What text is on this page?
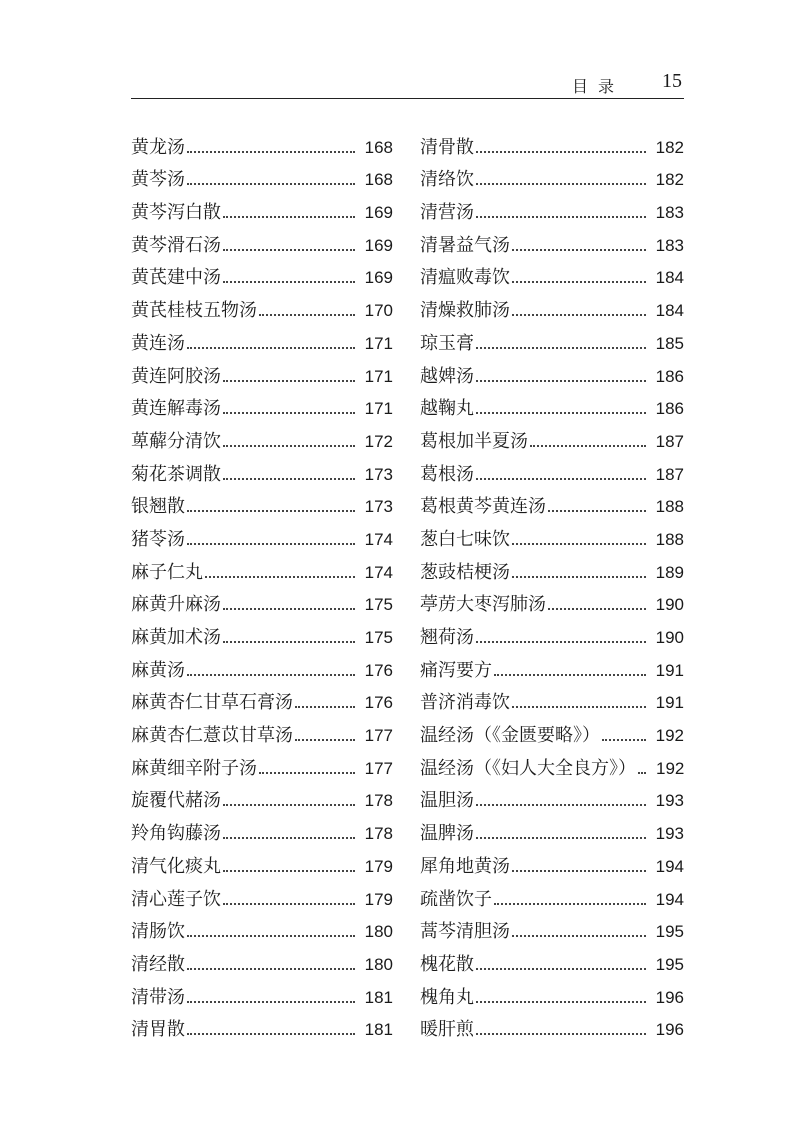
目录 15
黄龙汤	168
黄芩汤	168
黄芩泻白散	169
黄芩滑石汤	169
黄芪建中汤	169
黄芪桂枝五物汤	170
黄连汤	171
黄连阿胶汤	171
黄连解毒汤	171
萆薢分清饮	172
菊花茶调散	173
银翘散	173
猪苓汤	174
麻子仁丸	174
麻黄升麻汤	175
麻黄加术汤	175
麻黄汤	176
麻黄杏仁甘草石膏汤	176
麻黄杏仁薏苡甘草汤	177
麻黄细辛附子汤	177
旋覆代赭汤	178
羚角钩藤汤	178
清气化痰丸	179
清心莲子饮	179
清肠饮	180
清经散	180
清带汤	181
清胃散	181
清骨散	182
清络饮	182
清营汤	183
清暑益气汤	183
清瘟败毒饮	184
清燥救肺汤	184
琼玉膏	185
越婢汤	186
越鞠丸	186
葛根加半夏汤	187
葛根汤	187
葛根黄芩黄连汤	188
葱白七味饮	188
葱豉桔梗汤	189
葶苈大枣泻肺汤	190
翘荷汤	190
痛泻要方	191
普济消毒饮	191
温经汤（《金匮要略》）	192
温经汤（《妇人大全良方》） 192
温胆汤	193
温脾汤	193
犀角地黄汤	194
疏凿饮子	194
蒿芩清胆汤	195
槐花散	195
槐角丸	196
暖肝煎	196
